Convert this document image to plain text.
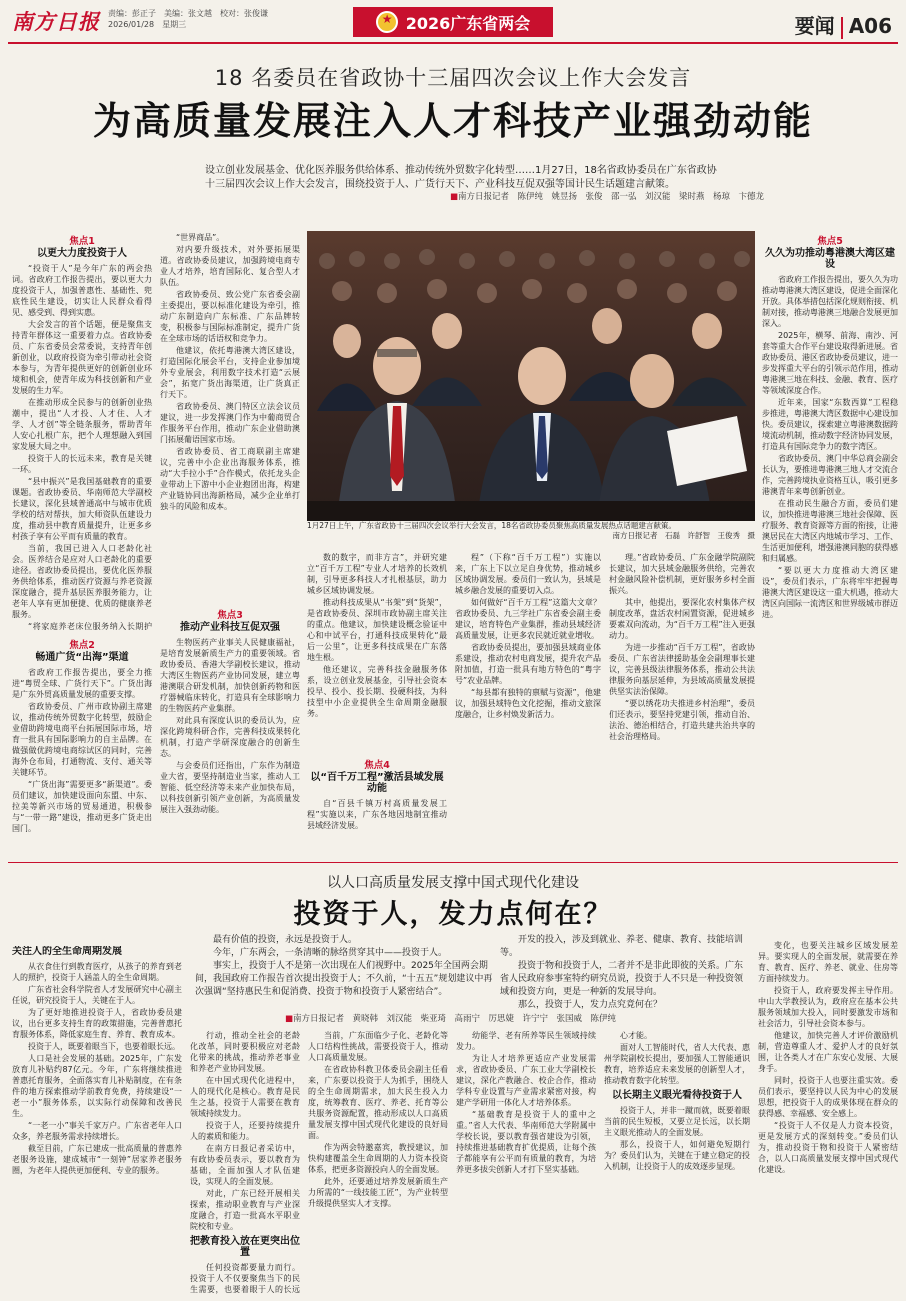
南方日报 责编：彭正子　美编：张文越　校对：张俊谦
2026/01/28　星期三
★	2026广东省两会	要闻 A06
18 名委员在省政协十三届四次会议上作大会发言
为高质量发展注入人才科技产业强劲动能
设立创业发展基金、优化医养服务供给体系、推动传统外贸数字化转型……1月27日，18名省政协委员在广东省政协十三届四次会议上作大会发言，围绕投资于人、广货行天下、产业科技互促双强等国计民生话题建言献策。
■南方日报记者　陈伊纯　姚昱扬　张俊　邵一弘　刘汉能　梁时燕　杨琼　卞德龙
焦点1
以更大力度投资于人

“投资于人”是今年广东的两会热词。省政府工作报告提出，要以更大力度投资于人，加强普惠性、基础性、兜底性民生建设，切实让人民群众看得见、感受到、得到实惠。

大会发言的首个话题，便是聚焦支持青年群体这一重要着力点。省政协委员、广东省委员会常委说，支持青年创新创业，以政府投资为牵引带动社会资本参与，为青年提供更好的创新创业环境和机会，使青年成为科技创新和产业发展的生力军。

在推动形成全民参与的创新创业热潮中，提出“人才投、人才住、人才学、人才创”等全链条服务，帮助青年人安心扎根广东，把个人理想融入到国家发展大局之中。

投资于人的长远未来，教育是关键一环。

“县中振兴”是我国基础教育的重要课题。省政协委员、华南师范大学副校长建议，深化县域普通高中与城市优质学校的结对帮扶，加大师资队伍建设力度，推动县中教育质量提升，让更多乡村孩子享有公平而有质量的教育。

当前，我国已进入人口老龄化社会。医养结合是应对人口老龄化的重要途径。省政协委员提出，要优化医养服务供给体系，推动医疗资源与养老资源深度融合，提升基层医养服务能力，让老年人享有更加便捷、优质的健康养老服务。

“将家庭养老床位服务纳入长期护

焦点2
畅通广货“出海”渠道

省政府工作报告提出，要全力推进“粤贸全球、广货行天下”。广货出海是广东外贸高质量发展的重要支撑。

省政协委员、广州市政协副主席建议，推动传统外贸数字化转型，鼓励企业借助跨境电商平台拓展国际市场，培育一批具有国际影响力的自主品牌。在做强做优跨境电商综试区的同时，完善海外仓布局，打通物流、支付、通关等关键环节。

“广货出海”需要更多“新渠道”。委员们建议，加快建设面向东盟、中东、拉美等新兴市场的贸易通道，积极参与“一带一路”建设，推动更多广货走出国门。

“世界商品”。

对内要升级技术，对外要拓展渠道。省政协委员建议，加强跨境电商专业人才培养，培育国际化、复合型人才队伍。

省政协委员、致公党广东省委会副主委提出，要以标准化建设为牵引，推动广东制造向广东标准、广东品牌转变，积极参与国际标准制定，提升广货在全球市场的话语权和竞争力。

他建议，依托粤港澳大湾区建设，打造国际化展会平台，支持企业参加境外专业展会，利用数字技术打造“云展会”，拓宽广货出海渠道，让广货真正行天下。

省政协委员、澳门特区立法会议员建议，进一步发挥澳门作为中葡商贸合作服务平台作用，推动广东企业借助澳门拓展葡语国家市场。

省政协委员、省工商联副主席建议，完善中小企业出海服务体系，推动“大手拉小手”合作模式，依托龙头企业带动上下游中小企业抱团出海，构建产业链协同出海新格局，减少企业单打独斗的风险和成本。

焦点3
推动产业科技互促双强

生物医药产业事关人民健康福祉，是培育发展新质生产力的重要领域。省政协委员、香港大学副校长建议，推动大湾区生物医药产业协同发展，建立粤港澳联合研发机制，加快创新药物和医疗器械临床转化，打造具有全球影响力的生物医药产业集群。

对此具有深度认识的委员认为，应深化跨境科研合作，完善科技成果转化机制，打造产学研深度融合的创新生态。

与会委员们还指出，广东作为制造业大省，要坚持制造业当家，推动人工智能、低空经济等未来产业加快布局，以科技创新引领产业创新，为高质量发展注入强劲动能。

1月27日上午，广东省政协十三届四次会议举行大会发言，18名省政协委员聚焦高质量发展热点话题建言献策。
南方日报记者　石磊　许舒智　王俊秀　摄

数的数字，而非方言”，并研究建立“百千万工程”专业人才培养的长效机制，引导更多科技人才扎根基层，助力城乡区域协调发展。

推动科技成果从“书架”到“货架”，是省政协委员、深圳市政协副主席关注的重点。他建议，加快建设概念验证中心和中试平台，打通科技成果转化“最后一公里”，让更多科技成果在广东落地生根。

他还建议，完善科技金融服务体系，设立创业发展基金，引导社会资本投早、投小、投长期、投硬科技，为科技型中小企业提供全生命周期金融服务。

焦点4
以“百千万工程”激活县域发展动能

自“百县千镇万村高质量发展工程”实施以来，广东各地因地制宜推动县域经济发展。

程”（下称“百千万工程”）实施以来，广东上下以立足自身优势，推动城乡区域协调发展。委员们一致认为，县域是城乡融合发展的重要切入点。

如何做好“百千万工程”这篇大文章？省政协委员、九三学社广东省委会副主委建议，培育特色产业集群，推动县域经济高质量发展，让更多农民就近就业增收。

省政协委员提出，要加强县域商业体系建设，推动农村电商发展，提升农产品附加值，打造一批具有地方特色的“粤字号”农业品牌。

“每县都有独特的禀赋与资源”，他建议，加强县域特色文化挖掘，推动文旅深度融合，让乡村焕发新活力。

理。”省政协委员、广东金融学院副院长建议，加大县域金融服务供给，完善农村金融风险补偿机制，更好服务乡村全面振兴。

其中，他提出，要深化农村集体产权制度改革，盘活农村闲置资源，促进城乡要素双向流动，为“百千万工程”注入更强动力。

为进一步推动“百千万工程”，省政协委员、广东省法律援助基金会副理事长建议，完善县级法律服务体系，推动公共法律服务向基层延伸，为县域高质量发展提供坚实法治保障。

“要以绣花功夫推进乡村治理”，委员们还表示，要坚持党建引领，推动自治、法治、德治相结合，打造共建共治共享的社会治理格局。

焦点5
久久为功推动粤港澳大湾区建设

省政府工作报告提出，要久久为功推动粤港澳大湾区建设，促进全面深化开放。具体举措包括深化规则衔接、机制对接，推动粤港澳三地融合发展更加深入。

2025年，横琴、前海、南沙、河套等重大合作平台建设取得新进展。省政协委员、港区省政协委员建议，进一步发挥重大平台的引领示范作用，推动粤港澳三地在科技、金融、教育、医疗等领域深度合作。

近年来，国家“东数西算”工程稳步推进，粤港澳大湾区数据中心建设加快。委员建议，探索建立粤港澳数据跨境流动机制，推动数字经济协同发展，打造具有国际竞争力的数字湾区。

省政协委员、澳门中华总商会副会长认为，要推进粤港澳三地人才交流合作，完善跨境执业资格互认，吸引更多港澳青年来粤创新创业。

在推动民生融合方面，委员们建议，加快推进粤港澳三地社会保障、医疗服务、教育资源等方面的衔接，让港澳居民在大湾区内地城市学习、工作、生活更加便利，增强港澳同胞的获得感和归属感。

“要以更大力度推动大湾区建设”，委员们表示，广东将牢牢把握粤港澳大湾区建设这一重大机遇，推动大湾区向国际一流湾区和世界级城市群迈进。

以人口高质量发展支撑中国式现代化建设
投资于人，发力点何在？

最有价值的投资，永远是投资于人。

今年，广东两会，一条清晰的脉络贯穿其中——投资于人。

事实上，投资于人不是第一次出现在人们视野中。2025年全国两会期间，我国政府工作报告首次提出投资于人；不久前，“十五五”规划建议中再次强调“坚持惠民生和促消费、投资于物和投资于人紧密结合”。

开发的投入，涉及到就业、养老、健康、教育、技能培训等。

投资于物和投资于人，二者并不是非此即彼的关系。广东省人民政府参事室特约研究员说，投资于人不只是一种投资领域和投资方向，更是一种新的发展导向。

那么，投资于人，发力点究竟何在？

■南方日报记者　黄晓韩　刘汉能　柴亚琦　高雨宁　厉思婕　许宁宁　张国威　陈伊纯
关注人的全生命周期发展

从衣食住行到教育医疗，从孩子的养育到老人的照护，投资于人涵盖人的全生命周期。

广东省社会科学院省人才发展研究中心副主任说，研究投资于人，关键在于人。

为了更好地推进投资于人，省政协委员建议，出台更多支持生育的政策措施，完善普惠托育服务体系，降低家庭生育、养育、教育成本。

投资于人，既要着眼当下，也要着眼长远。

人口是社会发展的基础。2025年，广东发放育儿补贴约87亿元。今年，广东将继续推进普惠托育服务，全面落实育儿补贴制度，在有条件的地方探索推动学前教育免费，持续建设“一老一小”服务体系，以实际行动保障和改善民生。

“一老一小”事关千家万户。广东省老年人口众多，养老服务需求持续增长。

截至目前，广东已建成一批高质量的普惠养老服务设施，建成城市“一刻钟”居家养老服务圈，为老年人提供更加便利、专业的服务。

行动，推动全社会的老龄化改革，同时要积极应对老龄化带来的挑战，推动养老事业和养老产业协同发展。

在中国式现代化进程中，人的现代化是核心。教育是民生之基，投资于人需要在教育领域持续发力。

投资于人，还要持续提升人的素质和能力。

在南方日报记者采访中，有政协委员表示，要以教育为基础，全面加强人才队伍建设，实现人的全面发展。

对此，广东已经开展相关探索，推动职业教育与产业深度融合，打造一批高水平职业院校和专业。

把教育投入放在更突出位置

任何投资都要量力而行。投资于人不仅要聚焦当下的民生需要，也要着眼于人的长远

当前，广东面临少子化、老龄化等人口结构性挑战，需要投资于人，推动人口高质量发展。

在省政协科教卫体委员会副主任看来，广东要以投资于人为抓手，围绕人的全生命周期需求，加大民生投入力度，统筹教育、医疗、养老、托育等公共服务资源配置，推动形成以人口高质量发展支撑中国式现代化建设的良好局面。

作为两会特邀嘉宾，教授建议，加快构建覆盖全生命周期的人力资本投资体系，把更多资源投向人的全面发展。

此外，还要通过培养发展新质生产力所需的“一线技能工匠”，为产业转型升级提供坚实人才支撑。

幼能学、老有所养等民生领域持续发力。

为让人才培养更适应产业发展需求，省政协委员、广东工业大学副校长建议，深化产教融合、校企合作，推动学科专业设置与产业需求紧密对接，构建产学研用一体化人才培养体系。

“基础教育是投资于人的重中之重。”省人大代表、华南师范大学附属中学校长说，要以教育强省建设为引领，持续推进基础教育扩优提质，让每个孩子都能享有公平而有质量的教育，为培养更多拔尖创新人才打下坚实基础。

心才能。

面对人工智能时代，省人大代表、惠州学院副校长提出，要加强人工智能通识教育，培养适应未来发展的创新型人才，推动教育数字化转型。

以长期主义眼光看待投资于人

投资于人，并非一蹴而就，既要着眼当前的民生短板，又要立足长远，以长期主义眼光推动人的全面发展。

那么，投资于人，如何避免短期行为？委员们认为，关键在于建立稳定的投入机制，让投资于人的成效逐步显现。

变化，也要关注城乡区域发展差异。要实现人的全面发展，就需要在养育、教育、医疗、养老、就业、住房等方面持续发力。

投资于人，政府要发挥主导作用。中山大学教授认为，政府应在基本公共服务领域加大投入，同时要激发市场和社会活力，引导社会资本参与。

他建议，加快完善人才评价激励机制，营造尊重人才、爱护人才的良好氛围，让各类人才在广东安心发展、大展身手。

同时，投资于人也要注重实效。委员们表示，要坚持以人民为中心的发展思想，把投资于人的成果体现在群众的获得感、幸福感、安全感上。

“投资于人不仅是人力资本投资，更是发展方式的深刻转变。”委员们认为，推动投资于物和投资于人紧密结合，以人口高质量发展支撑中国式现代化建设。
